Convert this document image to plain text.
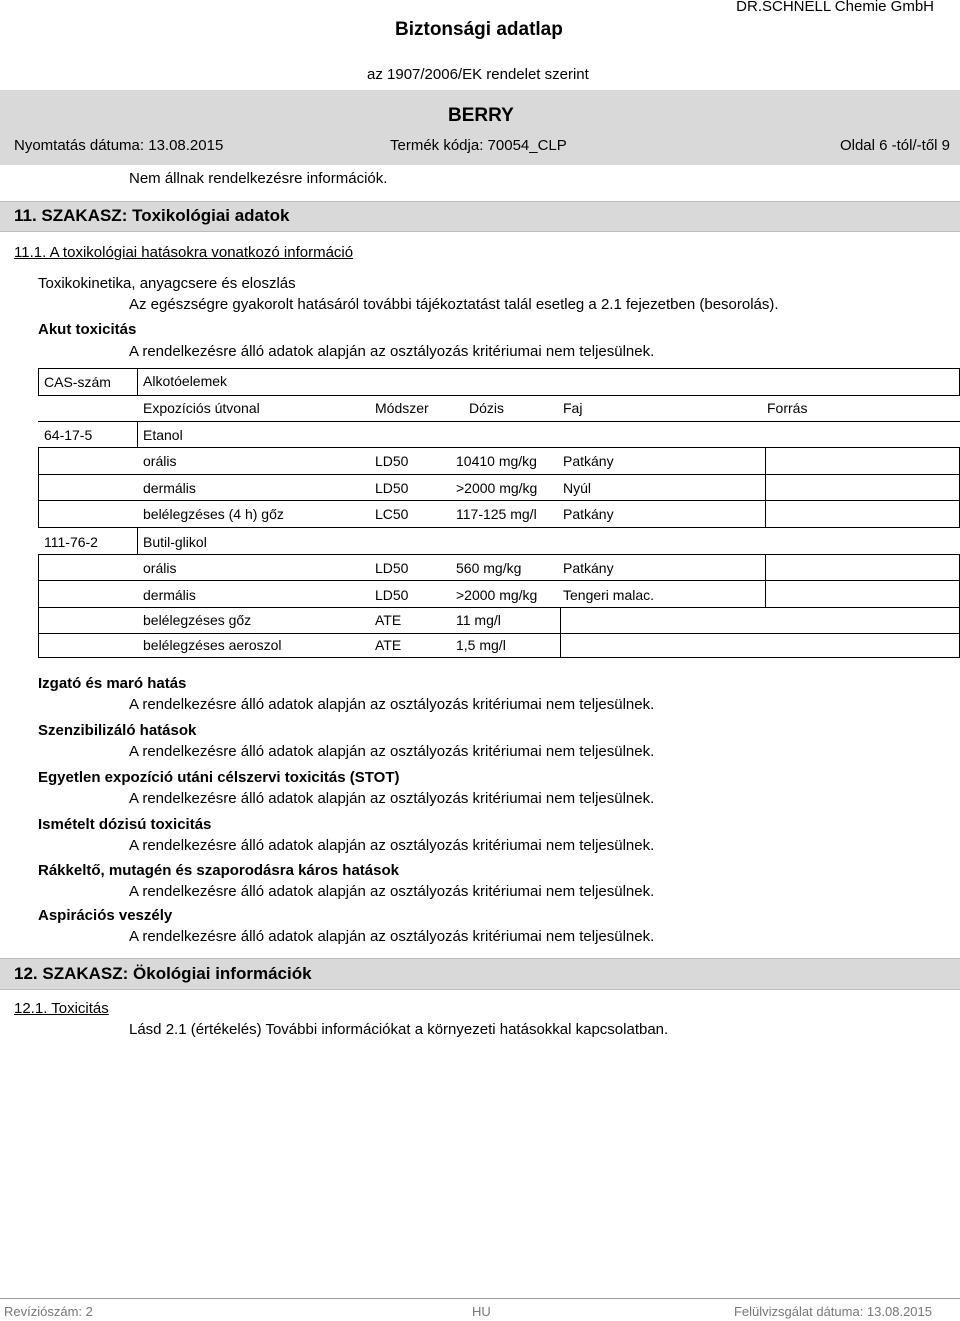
Biztonsági adatlap
DR.SCHNELL Chemie GmbH
az 1907/2006/EK rendelet szerint
BERRY
Nyomtatás dátuma: 13.08.2015	Termék kódja: 70054_CLP	Oldal 6 -tól/-től 9
Nem állnak rendelkezésre információk.
11. SZAKASZ: Toxikológiai adatok
11.1. A toxikológiai hatásokra vonatkozó információ
Toxikokinetika, anyagcsere és eloszlás
Az egészségre gyakorolt hatásáról további tájékoztatást talál esetleg a 2.1 fejezetben (besorolás).
Akut toxicitás
A rendelkezésre álló adatok alapján az osztályozás kritériumai nem teljesülnek.
CAS-szám Alkotóelemek
Expozíciós útvonal	Módszer	Dózis	Faj	Forrás
64-17-5	Etanol
orális	LD50	10410 mg/kg Patkány
dermális	LD50	>2000 mg/kg Nyúl
belélegzéses (4 h) gőz	LC50	117-125 mg/l Patkány
111-76-2	Butil-glikol
orális	LD50	560 mg/kg	Patkány
dermális	LD50	>2000 mg/kg Tengeri malac.
belélegzéses gőz	ATE	11 mg/l
belélegzéses aeroszol	ATE	1,5 mg/l
Izgató és maró hatás
A rendelkezésre álló adatok alapján az osztályozás kritériumai nem teljesülnek.
Szenzibilizáló hatások
A rendelkezésre álló adatok alapján az osztályozás kritériumai nem teljesülnek.
Egyetlen expozíció utáni célszervi toxicitás (STOT)
A rendelkezésre álló adatok alapján az osztályozás kritériumai nem teljesülnek.
Ismételt dózisú toxicitás
A rendelkezésre álló adatok alapján az osztályozás kritériumai nem teljesülnek.
Rákkeltő, mutagén és szaporodásra káros hatások
A rendelkezésre álló adatok alapján az osztályozás kritériumai nem teljesülnek.
Aspirációs veszély
A rendelkezésre álló adatok alapján az osztályozás kritériumai nem teljesülnek.
12. SZAKASZ: Ökológiai információk
12.1. Toxicitás
Lásd 2.1 (értékelés) További információkat a környezeti hatásokkal kapcsolatban.
Revíziószám: 2	HU	Felülvizsgálat dátuma: 13.08.2015
